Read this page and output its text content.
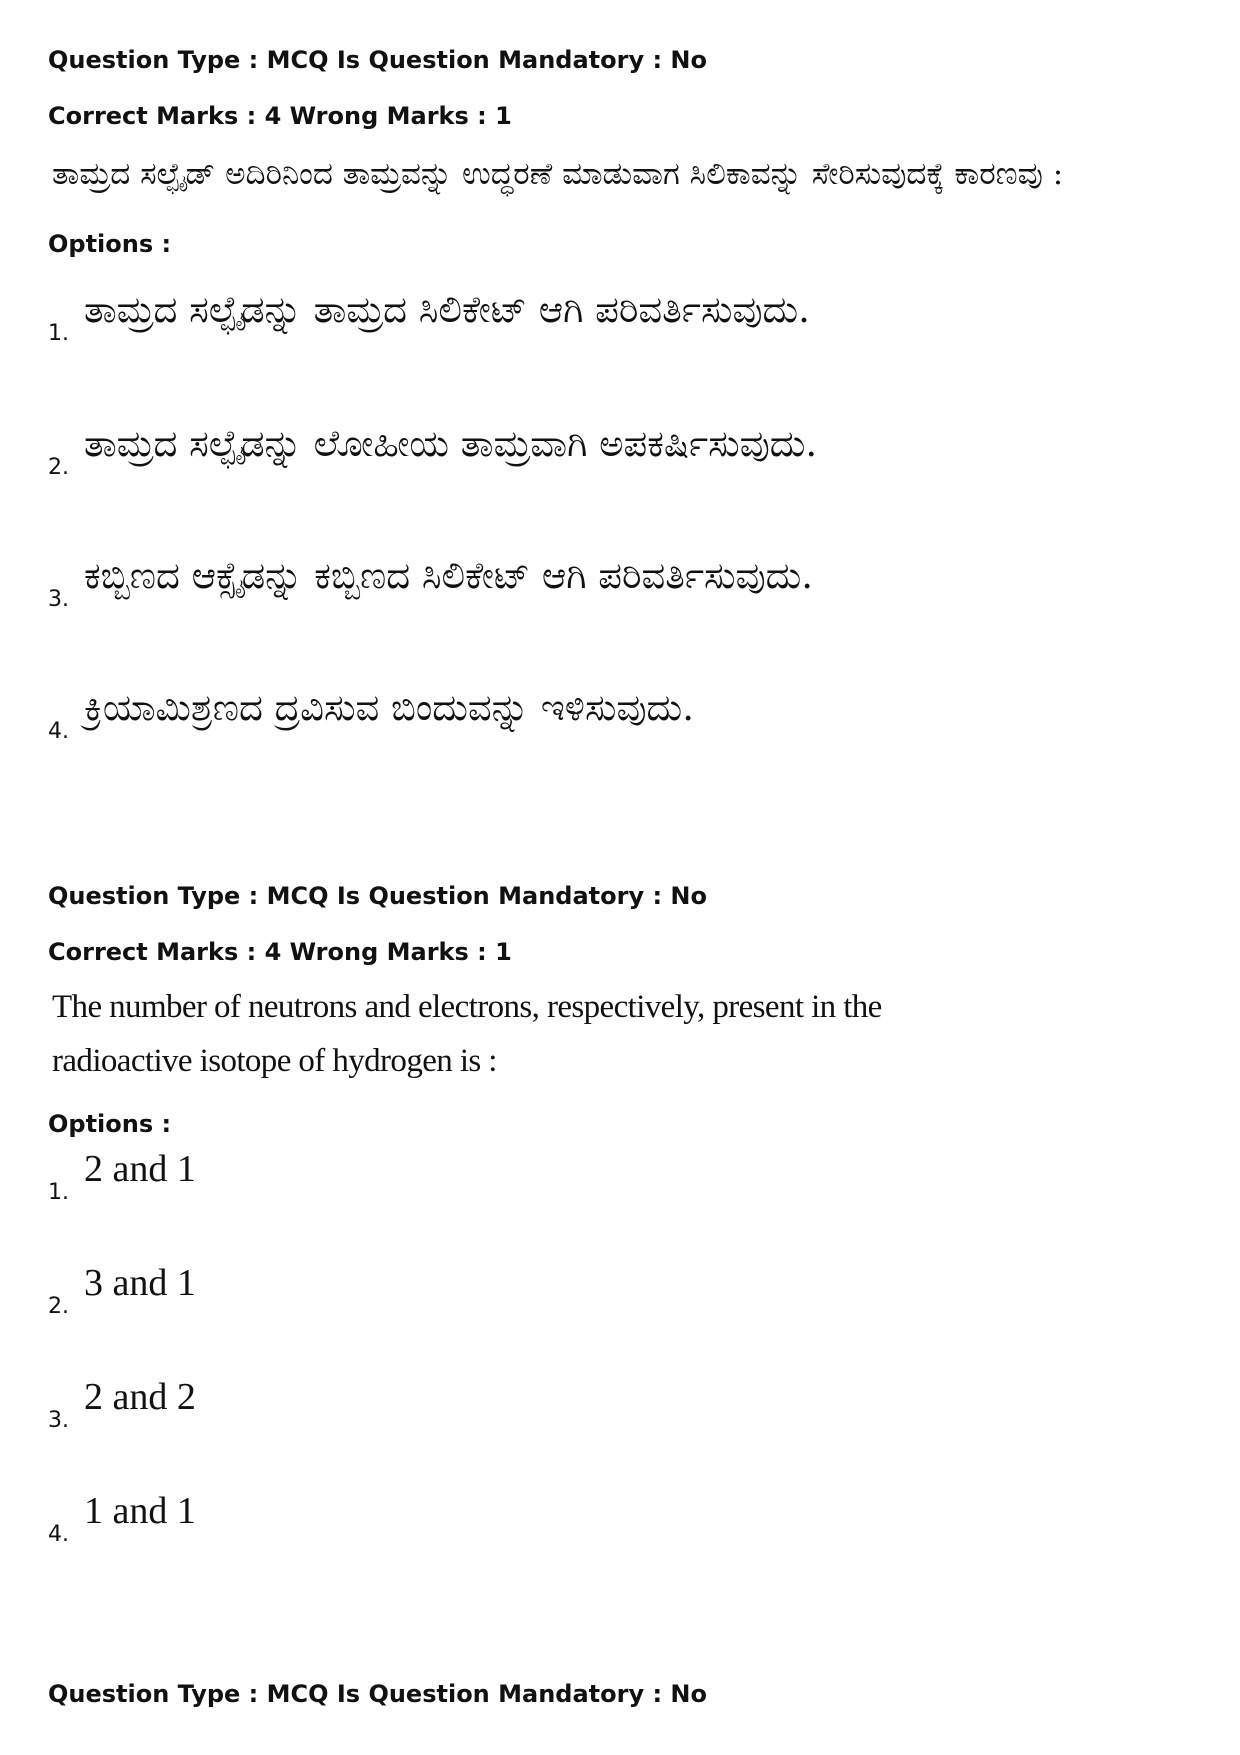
Question Type : MCQ Is Question Mandatory : No
Correct Marks : 4 Wrong Marks : 1
ತಾಮ್ರದ ಸಲ್ಫೈಡ್ ಅದಿರಿನಿಂದ ತಾಮ್ರವನ್ನು ಉದ್ಧರಣೆ ಮಾಡುವಾಗ ಸಿಲಿಕಾವನ್ನು ಸೇರಿಸುವುದಕ್ಕೆ ಕಾರಣವು :
Options :
1.
ತಾಮ್ರದ ಸಲ್ಫೈಡನ್ನು ತಾಮ್ರದ ಸಿಲಿಕೇಟ್ ಆಗಿ ಪರಿವರ್ತಿಸುವುದು.
2.
ತಾಮ್ರದ ಸಲ್ಫೈಡನ್ನು ಲೋಹೀಯ ತಾಮ್ರವಾಗಿ ಅಪಕರ್ಷಿಸುವುದು.
3.
ಕಬ್ಬಿಣದ ಆಕ್ಸೈಡನ್ನು ಕಬ್ಬಿಣದ ಸಿಲಿಕೇಟ್ ಆಗಿ ಪರಿವರ್ತಿಸುವುದು.
4.
ಕ್ರಿಯಾಮಿಶ್ರಣದ ದ್ರವಿಸುವ ಬಿಂದುವನ್ನು ಇಳಿಸುವುದು.
Question Type : MCQ Is Question Mandatory : No
Correct Marks : 4 Wrong Marks : 1
The number of neutrons and electrons, respectively, present in the radioactive isotope of hydrogen is :
Options :
1.
2 and 1
2.
3 and 1
3.
2 and 2
4.
1 and 1
Question Type : MCQ Is Question Mandatory : No
